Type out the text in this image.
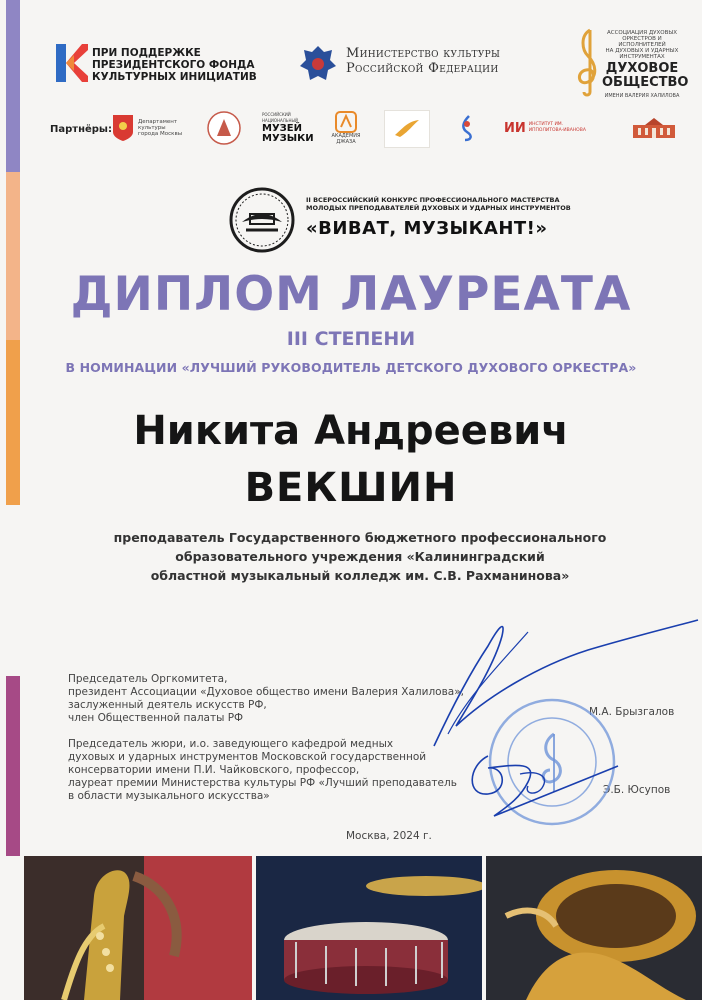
ПРИ ПОДДЕРЖКЕ
ПРЕЗИДЕНТСКОГО ФОНДА
КУЛЬТУРНЫХ ИНИЦИАТИВ
Министерство культуры
Российской Федерации
АССОЦИАЦИЯ ДУХОВЫХ
ОРКЕСТРОВ И ИСПОЛНИТЕЛЕЙ
НА ДУХОВЫХ И УДАРНЫХ
ИНСТРУМЕНТАХ
ДУХОВОЕ
ОБЩЕСТВО
ИМЕНИ ВАЛЕРИЯ ХАЛИЛОВА
Партнёры:
Департамент
культуры
города Москвы
РОССИЙСКИЙ НАЦИОНАЛЬНЫЙ
МУЗЕЙ
МУЗЫКИ	АКАДЕМИЯ
ДЖАЗА
ИИ ИНСТИТУТ ИМ. ИППОЛИТОВА-ИВАНОВА
II ВСЕРОССИЙСКИЙ КОНКУРС ПРОФЕССИОНАЛЬНОГО МАСТЕРСТВА
МОЛОДЫХ ПРЕПОДАВАТЕЛЕЙ ДУХОВЫХ И УДАРНЫХ ИНСТРУМЕНТОВ
«ВИВАТ, МУЗЫКАНТ!»
ДИПЛОМ ЛАУРЕАТА
III СТЕПЕНИ
В НОМИНАЦИИ «ЛУЧШИЙ РУКОВОДИТЕЛЬ ДЕТСКОГО ДУХОВОГО ОРКЕСТРА»
Никита Андреевич
ВЕКШИН
преподаватель Государственного бюджетного профессионального
образовательного учреждения «Калининградский
областной музыкальный колледж им. С.В. Рахманинова»
Председатель Оргкомитета,
президент Ассоциации «Духовое общество имени Валерия Халилова»,
заслуженный деятель искусств РФ,
член Общественной палаты РФ	М.А. Брызгалов
Председатель жюри, и.о. заведующего кафедрой медных
духовых и ударных инструментов Московской государственной
консерватории имени П.И. Чайковского, профессор,
лауреат премии Министерства культуры РФ «Лучший преподаватель
в области музыкального искусства»	Э.Б. Юсупов
Москва, 2024 г.
